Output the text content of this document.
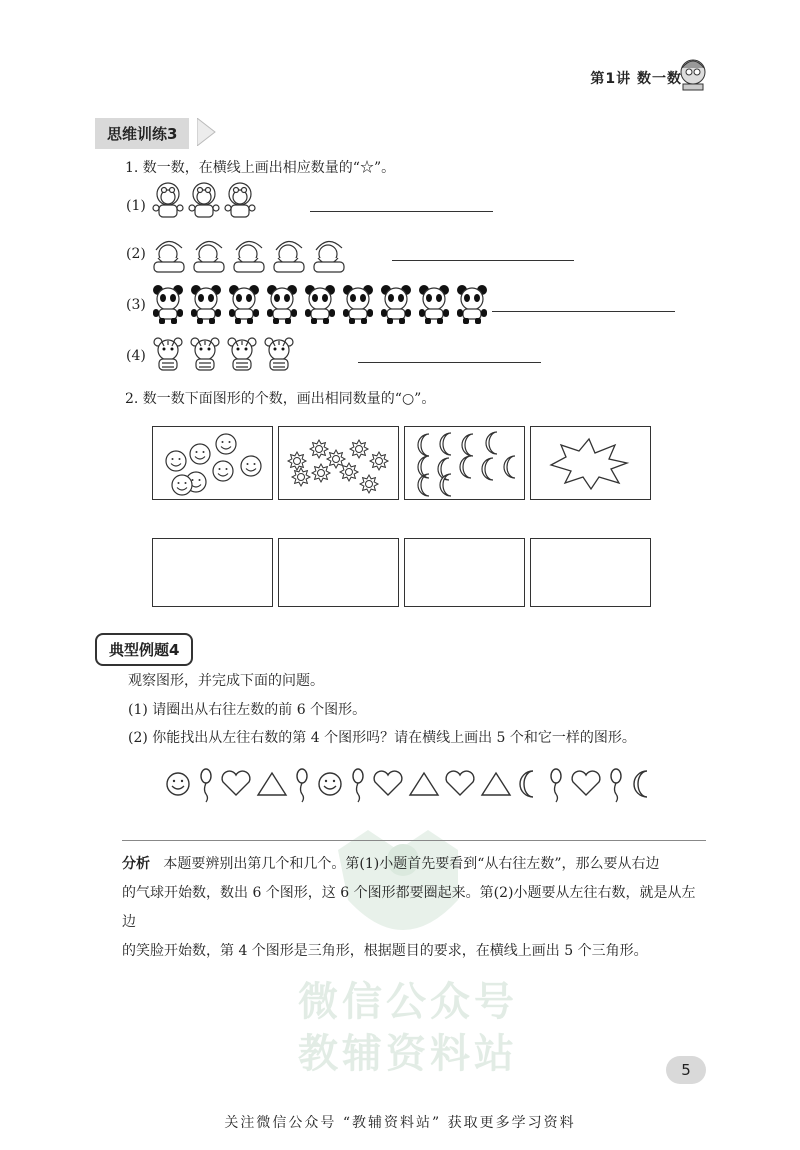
第1讲 数一数
思维训练3
1. 数一数，在横线上画出相应数量的“☆”。
(1)
(2)
(3)
(4)
2. 数一数下面图形的个数，画出相同数量的“○”。
典型例题4
观察图形，并完成下面的问题。
(1) 请圈出从右往左数的前 6 个图形。
(2) 你能找出从左往右数的第 4 个图形吗？请在横线上画出 5 个和它一样的图形。
微信公众号
教辅资料站

分析 本题要辨别出第几个和几个。第(1)小题首先要看到“从右往左数”，那么要从右边

的气球开始数，数出 6 个图形，这 6 个图形都要圈起来。第(2)小题要从左往右数，就是从左边

的笑脸开始数，第 4 个图形是三角形，根据题目的要求，在横线上画出 5 个三角形。

5
关注微信公众号 “教辅资料站” 获取更多学习资料
